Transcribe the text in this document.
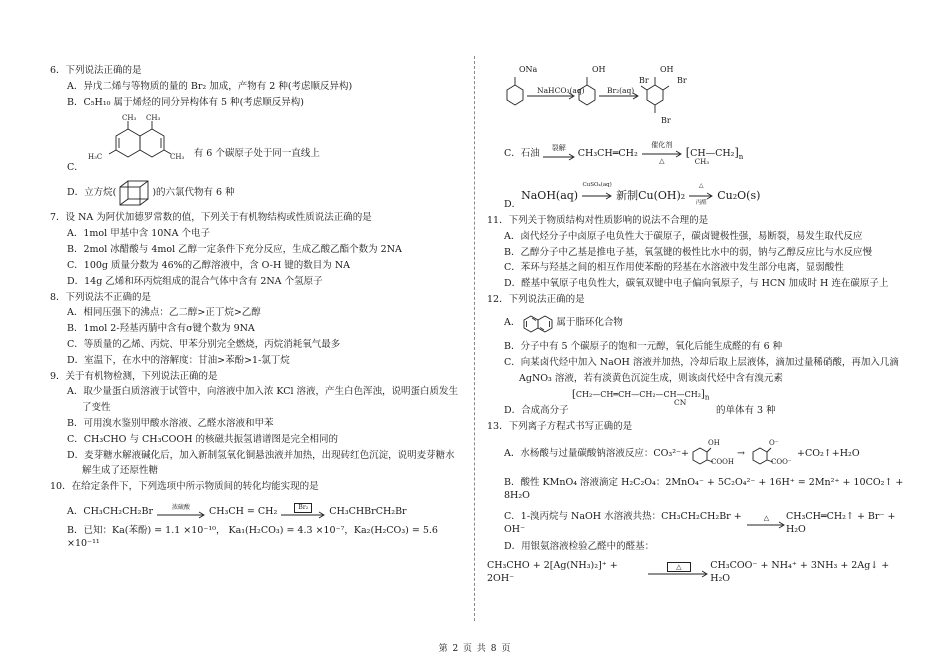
6．下列说法正确的是
A．异戊二烯与等物质的量的 Br₂ 加成，产物有 2 种(考虑顺反异构)
B．C₅H₁₀ 属于烯烃的同分异构体有 5 种(考虑顺反异构)
C．
CH₃ CH₃
H₃C	CH₃ 有 6 个碳原子处于同一直线上
D．立方烷(	)的六氯代物有 6 种
7．设 NA 为阿伏加德罗常数的值，下列关于有机物结构或性质说法正确的是
A．1mol 甲基中含 10NA 个电子
B．2mol 冰醋酸与 4mol 乙醇一定条件下充分反应，生成乙酸乙酯个数为 2NA
C．100g 质量分数为 46%的乙醇溶液中，含 O-H 键的数目为 NA
D．14g 乙烯和环丙烷组成的混合气体中含有 2NA 个氢原子
8．下列说法不正确的是
A．相同压强下的沸点：乙二醇>正丁烷>乙醇
B．1mol 2-羟基丙腈中含有σ键个数为 9NA
C．等质量的乙烯、丙烷、甲苯分别完全燃烧，丙烷消耗氧气最多
D．室温下，在水中的溶解度：甘油>苯酚>1-氯丁烷
9．关于有机物检测，下列说法正确的是
A．取少量蛋白质溶液于试管中，向溶液中加入浓 KCl 溶液，产生白色浑浊，说明蛋白质发生
了变性
B．可用溴水鉴别甲酸水溶液、乙醛水溶液和甲苯
C．CH₃CHO 与 CH₃COOH 的核磁共振氢谱谱图是完全相同的
D．麦芽糖水解液碱化后，加入新制氢氧化铜悬浊液并加热，出现砖红色沉淀，说明麦芽糖水
解生成了还原性糖
10．在给定条件下，下列选项中所示物质间的转化均能实现的是
A． CH₃CH₂CH₂Br	浓硫酸	CH₃CH = CH₂	Br₂	CH₃CHBrCH₂Br
B．已知：Ka(苯酚) = 1.1 ×10⁻¹⁰， Ka₁(H₂CO₃) = 4.3 ×10⁻⁷，Ka₂(H₂CO₃) = 5.6 ×10⁻¹¹
ONa
NaHCO₃(aq)
OH
Br₂(aq)
OH
Br	Br
Br
C．石油	裂解	CH₃CH═CH₂
催化剂
△
$[CH—CH_2]_n$
CH₃
D．
NaOH(aq)
CuSO₄(aq)
新制Cu(OH)₂
△
丙醛
Cu₂O(s)
11．下列关于物质结构对性质影响的说法不合理的是
A．卤代烃分子中卤原子电负性大于碳原子，碳卤键极性强，易断裂，易发生取代反应
B．乙醇分子中乙基是推电子基，氧氢键的极性比水中的弱，钠与乙醇反应比与水反应慢
C．苯环与羟基之间的相互作用使苯酚的羟基在水溶液中发生部分电离，显弱酸性
D．醛基中氧原子电负性大，碳氧双键中电子偏向氧原子，与 HCN 加成时 H 连在碳原子上
12．下列说法正确的是
A．	属于脂环化合物
B．分子中有 5 个碳原子的饱和一元醇，氧化后能生成醛的有 6 种
C．向某卤代烃中加入 NaOH 溶液并加热，冷却后取上层液体，滴加过量稀硝酸，再加入几滴
AgNO₃ 溶液，若有淡黄色沉淀生成，则该卤代烃中含有溴元素
$[CH_2—CH═CH—CH_2—CH—CH_2]_n$
CN
D．合成高分子	的单体有 3 种
13．下列离子方程式书写正确的是
A．水杨酸与过量碳酸钠溶液反应：CO₃²⁻+
OH
COOH
→
O⁻
COO⁻
+CO₂↑+H₂O
B．酸性 KMnO₄ 溶液滴定 H₂C₂O₄：2MnO₄⁻ + 5C₂O₄²⁻ + 16H⁺ = 2Mn²⁺ + 10CO₂↑ + 8H₂O
C．1-溴丙烷与 NaOH 水溶液共热：CH₃CH₂CH₂Br + OH⁻
△	CH₃CH═CH₂↑ + Br⁻ + H₂O
D．用银氨溶液检验乙醛中的醛基：
CH₃CHO + 2[Ag(NH₃)₂]⁺ + 2OH⁻
△	CH₃COO⁻ + NH₄⁺ + 3NH₃ + 2Ag↓ + H₂O
第 2 页 共 8 页
